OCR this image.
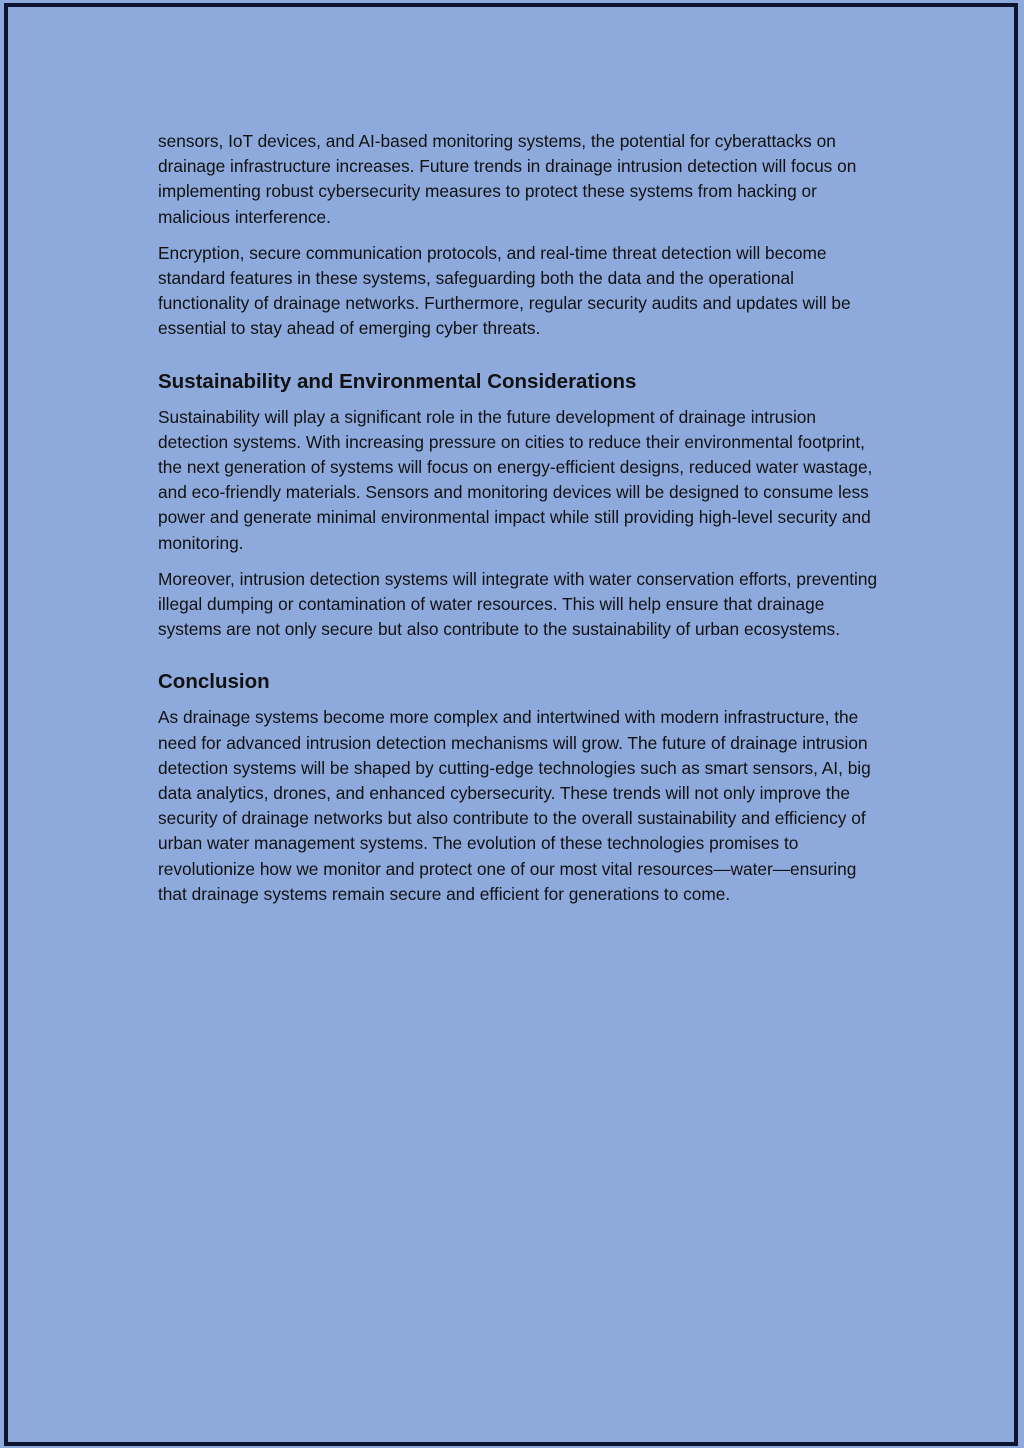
sensors, IoT devices, and AI-based monitoring systems, the potential for cyberattacks on drainage infrastructure increases. Future trends in drainage intrusion detection will focus on implementing robust cybersecurity measures to protect these systems from hacking or malicious interference.

Encryption, secure communication protocols, and real-time threat detection will become standard features in these systems, safeguarding both the data and the operational functionality of drainage networks. Furthermore, regular security audits and updates will be essential to stay ahead of emerging cyber threats.

Sustainability and Environmental Considerations

Sustainability will play a significant role in the future development of drainage intrusion detection systems. With increasing pressure on cities to reduce their environmental footprint, the next generation of systems will focus on energy-efficient designs, reduced water wastage, and eco-friendly materials. Sensors and monitoring devices will be designed to consume less power and generate minimal environmental impact while still providing high-level security and monitoring.

Moreover, intrusion detection systems will integrate with water conservation efforts, preventing illegal dumping or contamination of water resources. This will help ensure that drainage systems are not only secure but also contribute to the sustainability of urban ecosystems.

Conclusion

As drainage systems become more complex and intertwined with modern infrastructure, the need for advanced intrusion detection mechanisms will grow. The future of drainage intrusion detection systems will be shaped by cutting-edge technologies such as smart sensors, AI, big data analytics, drones, and enhanced cybersecurity. These trends will not only improve the security of drainage networks but also contribute to the overall sustainability and efficiency of urban water management systems. The evolution of these technologies promises to revolutionize how we monitor and protect one of our most vital resources—water—ensuring that drainage systems remain secure and efficient for generations to come.
